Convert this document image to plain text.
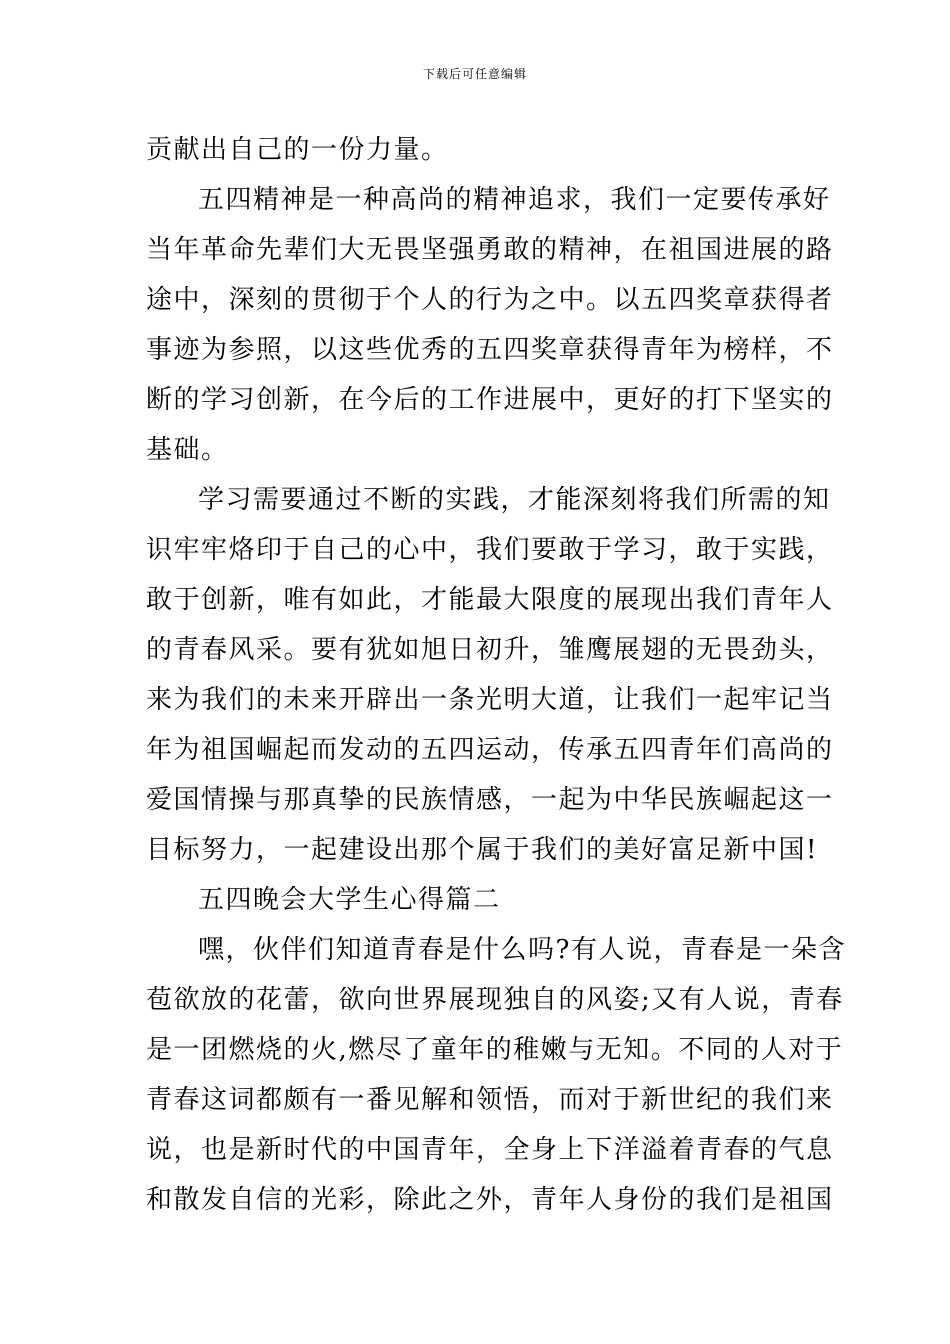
下载后可任意编辑
贡献出自己的一份力量。
五四精神是一种高尚的精神追求，我们一定要传承好
当年革命先辈们大无畏坚强勇敢的精神，在祖国进展的路
途中，深刻的贯彻于个人的行为之中。以五四奖章获得者
事迹为参照，以这些优秀的五四奖章获得青年为榜样，不
断的学习创新，在今后的工作进展中，更好的打下坚实的
基础。
学习需要通过不断的实践，才能深刻将我们所需的知
识牢牢烙印于自己的心中，我们要敢于学习，敢于实践，
敢于创新，唯有如此，才能最大限度的展现出我们青年人
的青春风采。要有犹如旭日初升，雏鹰展翅的无畏劲头，
来为我们的未来开辟出一条光明大道，让我们一起牢记当
年为祖国崛起而发动的五四运动，传承五四青年们高尚的
爱国情操与那真挚的民族情感，一起为中华民族崛起这一
目标努力，一起建设出那个属于我们的美好富足新中国!
五四晚会大学生心得篇二
嘿，伙伴们知道青春是什么吗?有人说，青春是一朵含
苞欲放的花蕾，欲向世界展现独自的风姿;又有人说，青春
是一团燃烧的火,燃尽了童年的稚嫩与无知。不同的人对于
青春这词都颇有一番见解和领悟，而对于新世纪的我们来
说，也是新时代的中国青年，全身上下洋溢着青春的气息
和散发自信的光彩，除此之外，青年人身份的我们是祖国
